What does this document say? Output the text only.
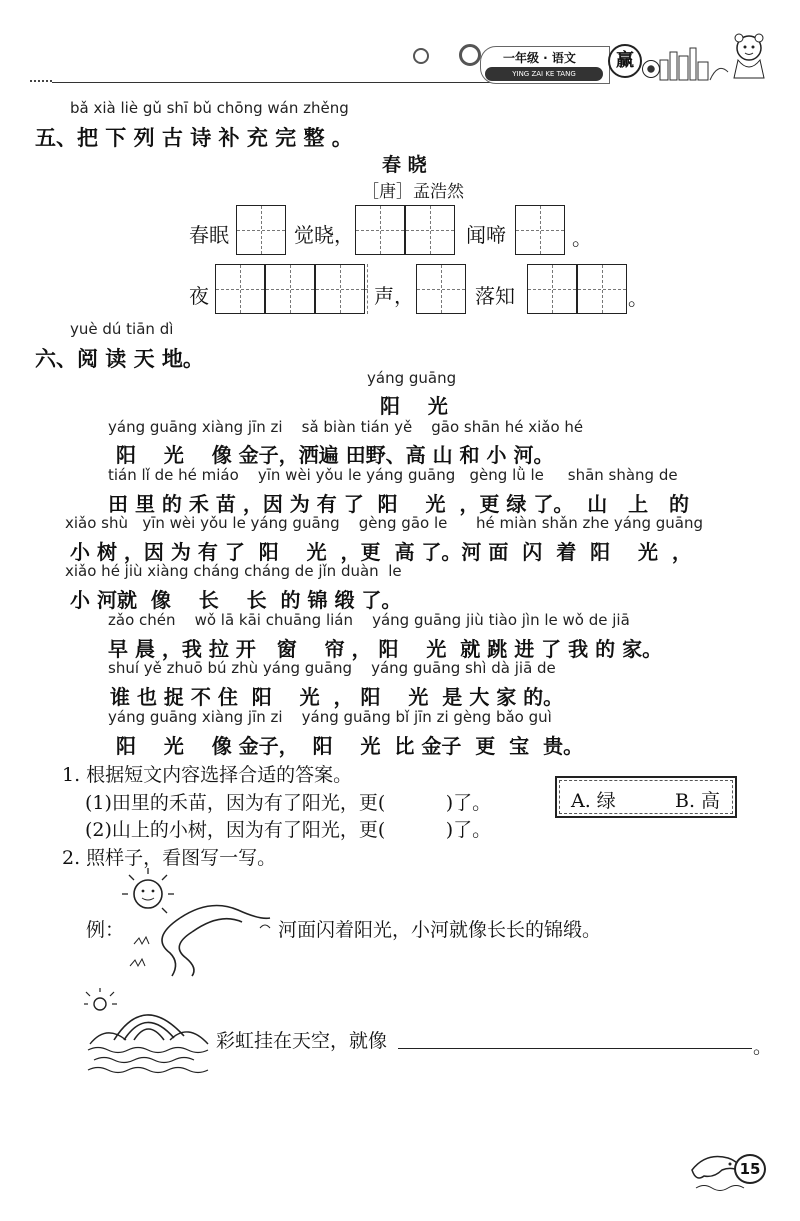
一年级 · 语文
YING ZAI KE TANG
赢
bǎ xià liè gǔ shī bǔ chōng wán zhěng
五、把 下 列 古 诗 补 充 完 整 。
春 晓
［唐］孟浩然
春眠	觉晓，	闻啼	。
夜	声，	落知	。
yuè dú tiān dì
六、阅 读 天 地。
yáng guāng
阳    光
yáng guāng xiàng jīn zi    sǎ biàn tián yě    gāo shān hé xiǎo hé
阳    光    像 金子，洒遍 田野、高 山 和 小 河。
tián lǐ de hé miáo    yīn wèi yǒu le yáng guāng   gèng lǜ le     shān shàng de
田 里 的 禾 苗 ，因 为 有 了  阳    光  ，更 绿 了。  山   上   的
xiǎo shù   yīn wèi yǒu le yáng guāng    gèng gāo le      hé miàn shǎn zhe yáng guāng
小 树 ，因 为 有 了  阳    光  ，更  高 了。河 面  闪  着  阳    光  ，
xiǎo hé jiù xiàng cháng cháng de jǐn duàn  le
小 河就  像    长    长  的 锦 缎 了。
zǎo chén    wǒ lā kāi chuāng lián    yáng guāng jiù tiào jìn le wǒ de jiā
早 晨 ，我 拉 开   窗    帘 ， 阳    光  就 跳 进 了 我 的 家。
shuí yě zhuō bú zhù yáng guāng    yáng guāng shì dà jiā de
谁 也 捉 不 住  阳    光  ， 阳    光  是 大 家 的。
yáng guāng xiàng jīn zi    yáng guāng bǐ jīn zi gèng bǎo guì
阳    光    像 金子，  阳    光  比 金子  更  宝  贵。
1. 根据短文内容选择合适的答案。
(1)田里的禾苗，因为有了阳光，更(          )了。
(2)山上的小树，因为有了阳光，更(          )了。
A. 绿	B. 高
2. 照样子，看图写一写。
例：	河面闪着阳光，小河就像长长的锦缎。
彩虹挂在天空，就像	。
15
